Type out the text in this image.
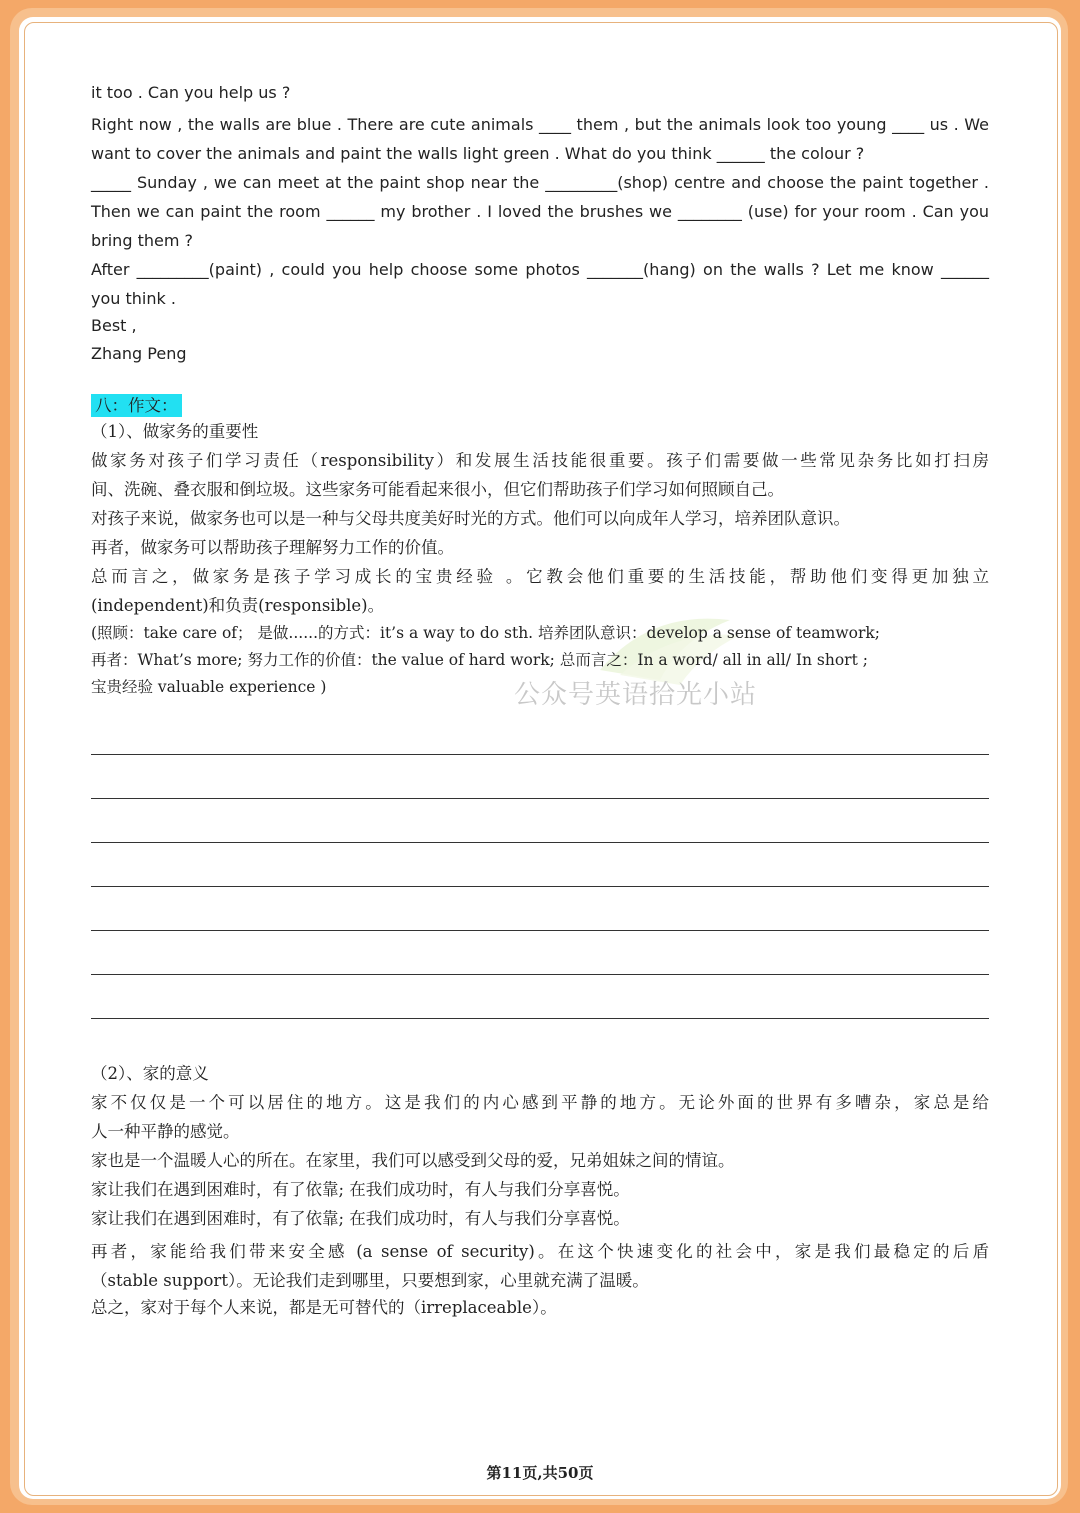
公众号英语拾光小站
it too . Can you help us ?
Right now , the walls are blue . There are cute animals ____ them , but the animals look too young ____ us . We
want to cover the animals and paint the walls light green . What do you think ______ the colour ?
_____ Sunday , we can meet at the paint shop near the _________(shop) centre and choose the paint together .
Then we can paint the room ______ my brother . I loved the brushes we ________ (use) for your room . Can you
bring them ?
After _________(paint) , could you help choose some photos _______(hang) on the walls ? Let me know ______
you think .
Best ,
Zhang Peng
八：作文：
（1）、做家务的重要性
做家务对孩子们学习责任（responsibility）和发展生活技能很重要。孩子们需要做一些常见杂务比如打扫房
间、洗碗、叠衣服和倒垃圾。这些家务可能看起来很小，但它们帮助孩子们学习如何照顾自己。
对孩子来说，做家务也可以是一种与父母共度美好时光的方式。他们可以向成年人学习，培养团队意识。
再者，做家务可以帮助孩子理解努力工作的价值。
总而言之，做家务是孩子学习成长的宝贵经验 。它教会他们重要的生活技能，帮助他们变得更加独立
(independent)和负责(responsible)。
(照顾：take care of； 是做......的方式：it’s a way to do sth. 培养团队意识：develop a sense of teamwork;
再者：What’s more; 努力工作的价值：the value of hard work; 总而言之：In a word/ all in all/ In short ;
宝贵经验 valuable experience )
（2）、家的意义
家不仅仅是一个可以居住的地方。这是我们的内心感到平静的地方。无论外面的世界有多嘈杂，家总是给
人一种平静的感觉。
家也是一个温暖人心的所在。在家里，我们可以感受到父母的爱，兄弟姐妹之间的情谊。
家让我们在遇到困难时，有了依靠; 在我们成功时，有人与我们分享喜悦。
家让我们在遇到困难时，有了依靠; 在我们成功时，有人与我们分享喜悦。
再者，家能给我们带来安全感 (a sense of security)。在这个快速变化的社会中，家是我们最稳定的后盾
（stable support）。无论我们走到哪里，只要想到家，心里就充满了温暖。
总之，家对于每个人来说，都是无可替代的（irreplaceable）。
第11页,共50页
